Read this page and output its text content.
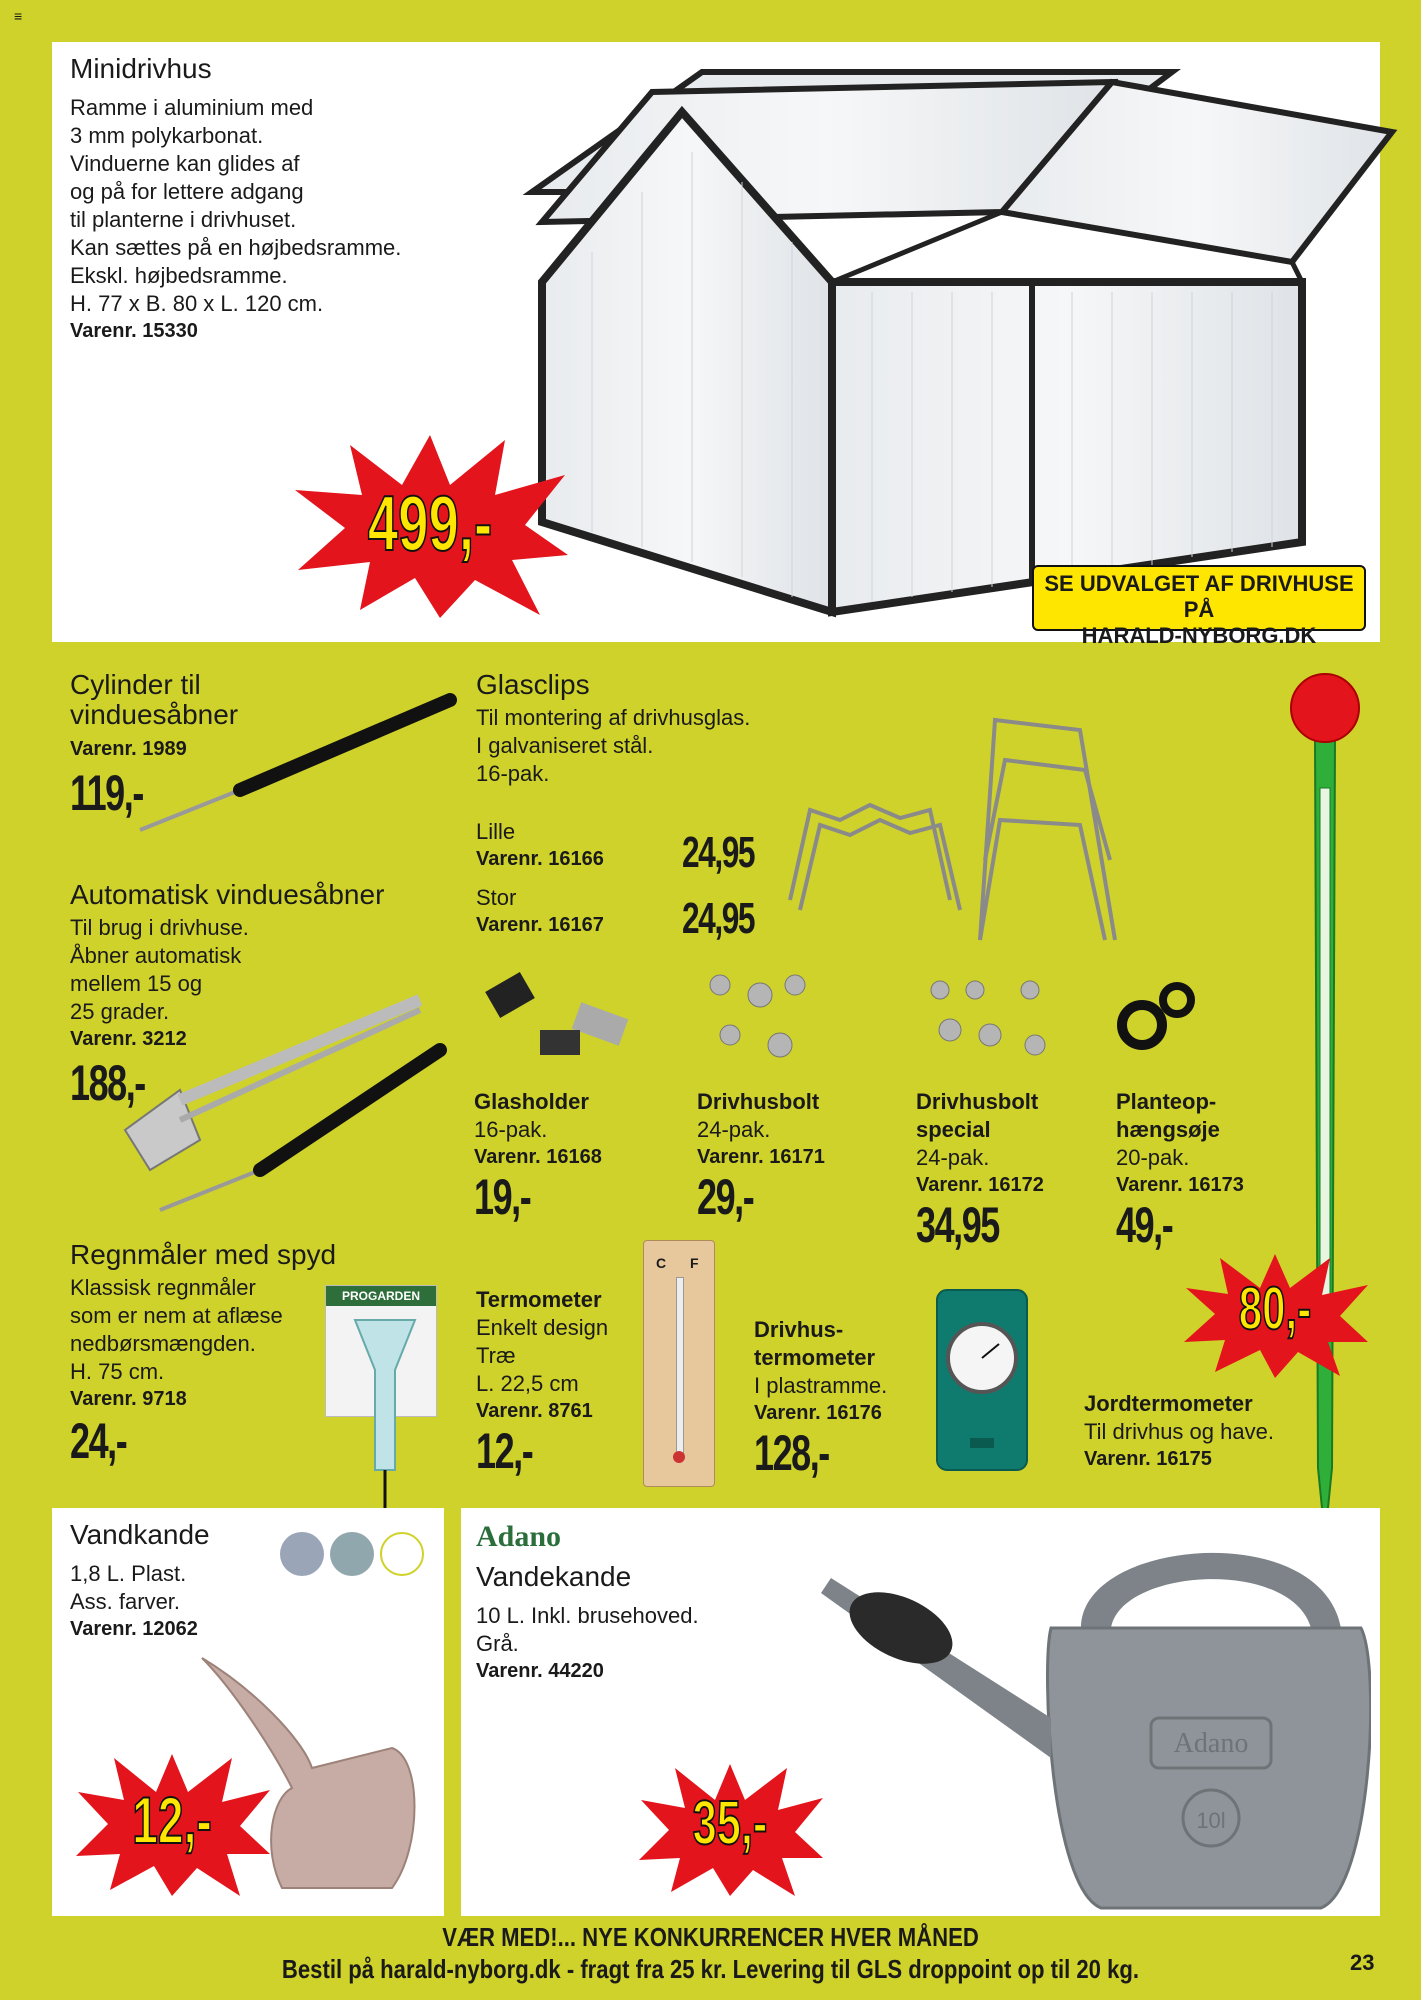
≡
Minidrivhus
Ramme i aluminium med
3 mm polykarbonat.
Vinduerne kan glides af
og på for lettere adgang
til planterne i drivhuset.
Kan sættes på en højbedsramme.
Ekskl. højbedsramme.
H. 77 x B. 80 x L. 120 cm.
Varenr. 15330
SE UDVALGET AF DRIVHUSE PÅ
HARALD-NYBORG.DK
499,-
Cylinder til
vinduesåbner
Varenr. 1989
119,-
Automatisk vinduesåbner
Til brug i drivhuse.
Åbner automatisk
mellem 15 og
25 grader.
Varenr. 3212
188,-
Glasclips
Til montering af drivhusglas.
I galvaniseret stål.
16-pak.
Lille
Varenr. 16166 24,95
Stor
Varenr. 16167 24,95
Glasholder
16-pak.
Varenr. 16168
19,-
Drivhusbolt
24-pak.
Varenr. 16171
29,-
Drivhusbolt
special
24-pak.
Varenr. 16172
34,95
Planteop-
hængsøje
20-pak.
Varenr. 16173
49,-
Jordtermometer
Til drivhus og have.
Varenr. 16175
80,-
Regnmåler med spyd
Klassisk regnmåler
som er nem at aflæse
nedbørsmængden.
H. 75 cm.
Varenr. 9718
24,-
PROGARDEN	Termometer
Enkelt design
Træ
L. 22,5 cm
Varenr. 8761
12,-
C F
Drivhus-
termometer
I plastramme.
Varenr. 16176
128,-
Vandkande
1,8 L. Plast.
Ass. farver.
Varenr. 12062
12,-
Adano
Vandekande
10 L. Inkl. brusehoved.
Grå.
Varenr. 44220
Adano
10l
35,-
VÆR MED!... NYE KONKURRENCER HVER MÅNED
Bestil på harald-nyborg.dk - fragt fra 25 kr. Levering til GLS droppoint op til 20 kg.	23
